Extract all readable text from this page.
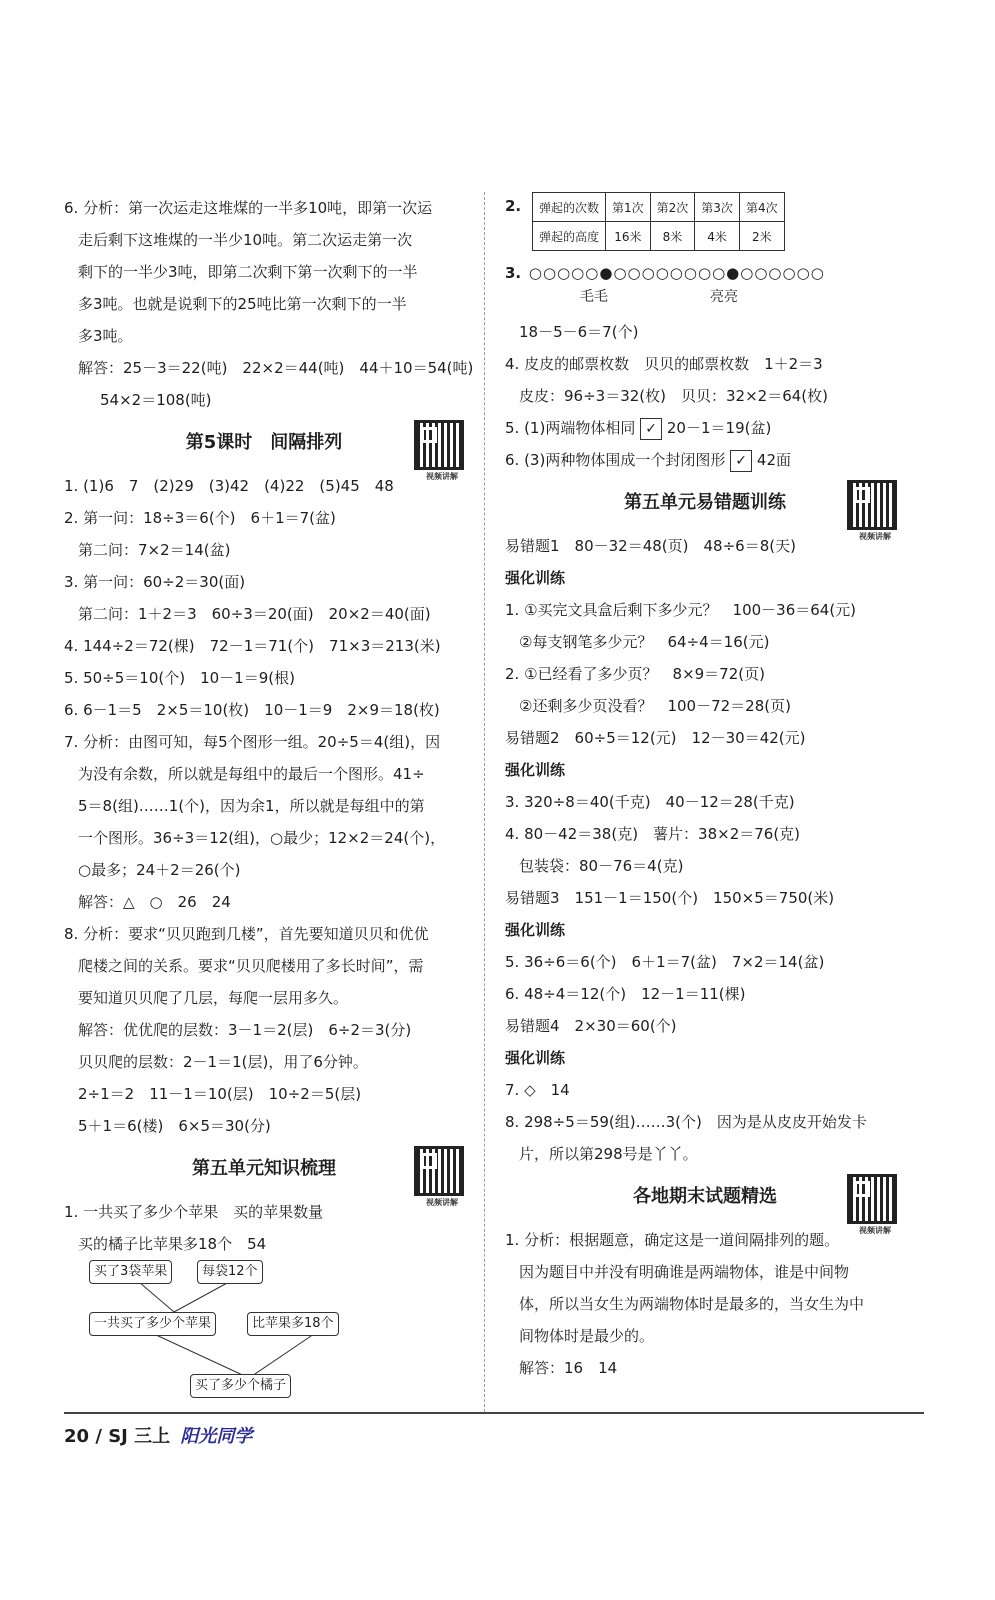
6. 分析：第一次运走这堆煤的一半多10吨，即第一次运
走后剩下这堆煤的一半少10吨。第二次运走第一次
剩下的一半少3吨，即第二次剩下第一次剩下的一半
多3吨。也就是说剩下的25吨比第一次剩下的一半
多3吨。
解答：25－3＝22(吨)　22×2＝44(吨)　44＋10＝54(吨)
54×2＝108(吨)
第5课时　间隔排列
视频讲解
1. (1)6　7　(2)29　(3)42　(4)22　(5)45　48
2. 第一问：18÷3＝6(个)　6＋1＝7(盆)
第二问：7×2＝14(盆)
3. 第一问：60÷2＝30(面)
第二问：1＋2＝3　60÷3＝20(面)　20×2＝40(面)
4. 144÷2＝72(棵)　72－1＝71(个)　71×3＝213(米)
5. 50÷5＝10(个)　10－1＝9(根)
6. 6－1＝5　2×5＝10(枚)　10－1＝9　2×9＝18(枚)
7. 分析：由图可知，每5个图形一组。20÷5＝4(组)，因
为没有余数，所以就是每组中的最后一个图形。41÷
5＝8(组)……1(个)，因为余1，所以就是每组中的第
一个图形。36÷3＝12(组)，○最少；12×2＝24(个)，
○最多；24＋2＝26(个)
解答：△　○　26　24
8. 分析：要求“贝贝跑到几楼”，首先要知道贝贝和优优
爬楼之间的关系。要求“贝贝爬楼用了多长时间”，需
要知道贝贝爬了几层，每爬一层用多久。
解答：优优爬的层数：3－1＝2(层)　6÷2＝3(分)
贝贝爬的层数：2－1＝1(层)，用了6分钟。
2÷1＝2　11－1＝10(层)　10÷2＝5(层)
5＋1＝6(楼)　6×5＝30(分)
第五单元知识梳理
视频讲解
1. 一共买了多少个苹果　买的苹果数量
买的橘子比苹果多18个　54
买了3袋苹果	每袋12个
一共买了多少个苹果	比苹果多18个
买了多少个橘子
2.	弹起的次数	第1次	第2次	第3次	第4次
弹起的高度	16米	8米	4米	2米
3. ○○○○○●○○○○○○○○●○○○○○○
毛毛	亮亮
18－5－6＝7(个)
4. 皮皮的邮票枚数　贝贝的邮票枚数　1＋2＝3
皮皮：96÷3＝32(枚)　贝贝：32×2＝64(枚)
5. (1)两端物体相同 ✓ 20－1＝19(盆)
6. (3)两种物体围成一个封闭图形 ✓ 42面
第五单元易错题训练
视频讲解
易错题1　80－32＝48(页)　48÷6＝8(天)
强化训练
1. ①买完文具盒后剩下多少元？　100－36＝64(元)
②每支钢笔多少元？　64÷4＝16(元)
2. ①已经看了多少页？　8×9＝72(页)
②还剩多少页没看？　100－72＝28(页)
易错题2　60÷5＝12(元)　12－30＝42(元)
强化训练
3. 320÷8＝40(千克)　40－12＝28(千克)
4. 80－42＝38(克)　薯片：38×2＝76(克)
包装袋：80－76＝4(克)
易错题3　151－1＝150(个)　150×5＝750(米)
强化训练
5. 36÷6＝6(个)　6＋1＝7(盆)　7×2＝14(盆)
6. 48÷4＝12(个)　12－1＝11(棵)
易错题4　2×30＝60(个)
强化训练
7. ◇　14
8. 298÷5＝59(组)……3(个)　因为是从皮皮开始发卡
片，所以第298号是丫丫。
各地期末试题精选
视频讲解
1. 分析：根据题意，确定这是一道间隔排列的题。
因为题目中并没有明确谁是两端物体，谁是中间物
体，所以当女生为两端物体时是最多的，当女生为中
间物体时是最少的。
解答：16　14
20 / SJ 三上 阳光同学
